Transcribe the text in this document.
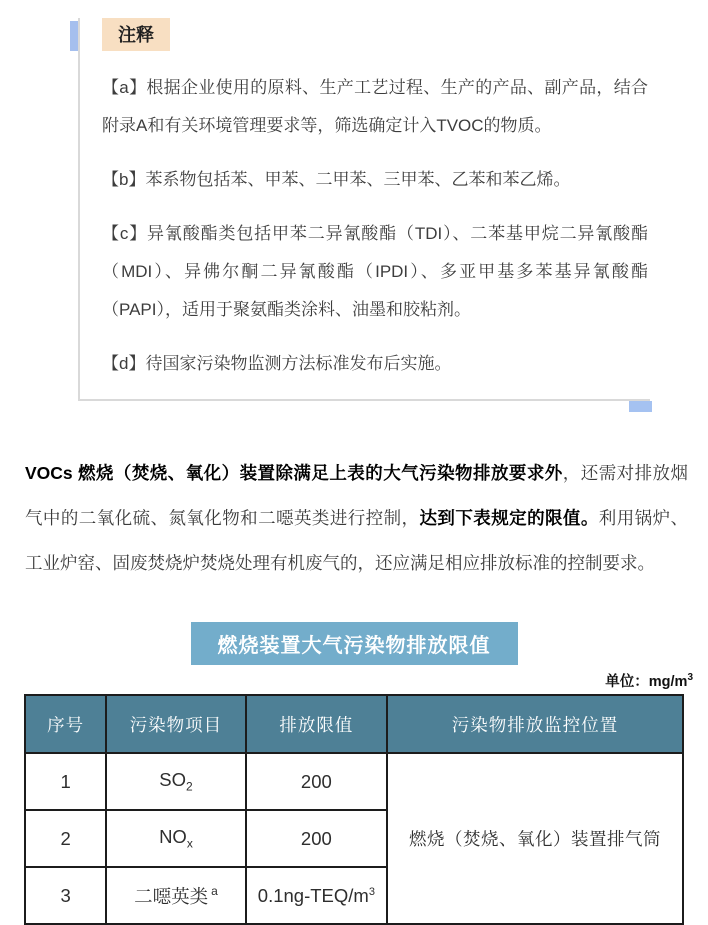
注释

【a】根据企业使用的原料、生产工艺过程、生产的产品、副产品，结合附录A和有关环境管理要求等，筛选确定计入TVOC的物质。

【b】苯系物包括苯、甲苯、二甲苯、三甲苯、乙苯和苯乙烯。

【c】异氰酸酯类包括甲苯二异氰酸酯（TDI）、二苯基甲烷二异氰酸酯（MDI）、异佛尔酮二异氰酸酯（IPDI）、多亚甲基多苯基异氰酸酯（PAPI），适用于聚氨酯类涂料、油墨和胶粘剂。

【d】待国家污染物监测方法标准发布后实施。

VOCs 燃烧（焚烧、氧化）装置除满足上表的大气污染物排放要求外，还需对排放烟气中的二氧化硫、氮氧化物和二噁英类进行控制，达到下表规定的限值。利用锅炉、工业炉窑、固废焚烧炉焚烧处理有机废气的，还应满足相应排放标准的控制要求。

燃烧装置大气污染物排放限值
单位：$mg/m^3$
序号	污染物项目	排放限值	污染物排放监控位置
1	$SO_2$	200	燃烧（焚烧、氧化）装置排气筒
2	$NO_x$	200	
3	二噁英类 $^a$	$0.1ng-TEQ/m^3$
